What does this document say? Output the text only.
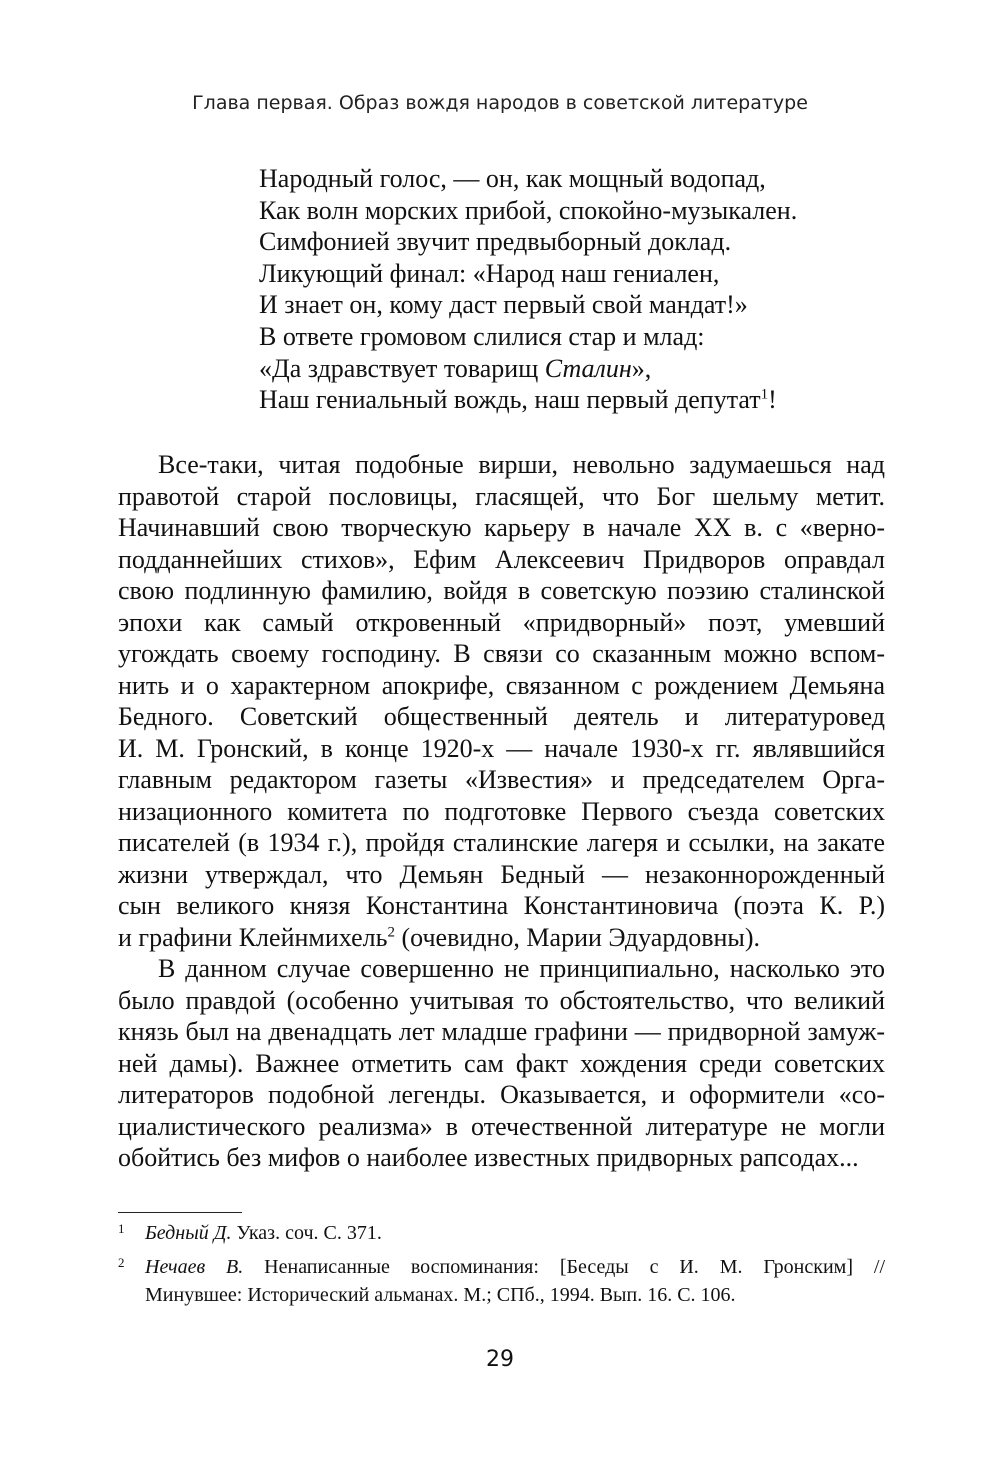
Глава первая. Образ вождя народов в советской литературе
Народный голос, — он, как мощный водопад,
Как волн морских прибой, спокойно-музыкален.
Симфонией звучит предвыборный доклад.
Ликующий финал: «Народ наш гениален,
И знает он, кому даст первый свой мандат!»
В ответе громовом слилися стар и млад:
«Да здравствует товарищ Сталин»,
Наш гениальный вождь, наш первый депутат$^1$!
Все-таки, читая подобные вирши, невольно задумаешься над
правотой старой пословицы, гласящей, что Бог шельму метит.
Начинавший свою творческую карьеру в начале XX в. с «верно-
подданнейших стихов», Ефим Алексеевич Придворов оправдал
свою подлинную фамилию, войдя в советскую поэзию сталинской
эпохи как самый откровенный «придворный» поэт, умевший
угождать своему господину. В связи со сказанным можно вспом-
нить и о характерном апокрифе, связанном с рождением Демьяна
Бедного. Советский общественный деятель и литературовед
И. М. Гронский, в конце 1920-х — начале 1930-х гг. являвшийся
главным редактором газеты «Известия» и председателем Орга-
низационного комитета по подготовке Первого съезда советских
писателей (в 1934 г.), пройдя сталинские лагеря и ссылки, на закате
жизни утверждал, что Демьян Бедный — незаконнорожденный
сын великого князя Константина Константиновича (поэта К. Р.)
и графини Клейнмихель$^2$ (очевидно, Марии Эдуардовны).
В данном случае совершенно не принципиально, насколько это
было правдой (особенно учитывая то обстоятельство, что великий
князь был на двенадцать лет младше графини — придворной замуж-
ней дамы). Важнее отметить сам факт хождения среди советских
литераторов подобной легенды. Оказывается, и оформители «со-
циалистического реализма» в отечественной литературе не могли
обойтись без мифов о наиболее известных придворных рапсодах...
1 Бедный Д. Указ. соч. С. 371.
2 Нечаев В. Ненаписанные воспоминания: [Беседы с И. М. Гронским] //
Минувшее: Исторический альманах. М.; СПб., 1994. Вып. 16. С. 106.
29
